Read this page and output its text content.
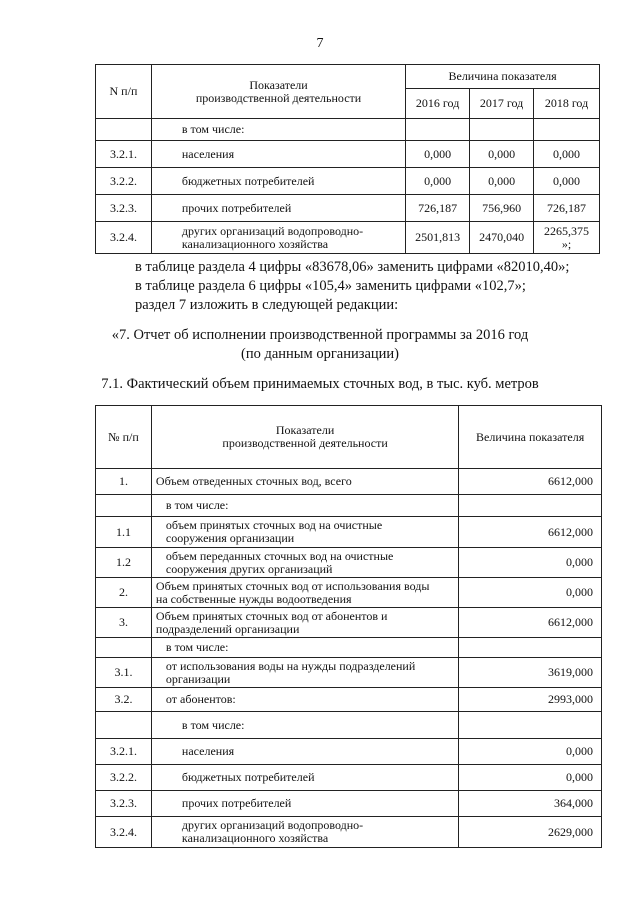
7
N п/п	Показатели
производственной деятельности	Величина показателя		
		2016 год	2017 год	2018 год
	в том числе:			
3.2.1.	населения	0,000	0,000	0,000
3.2.2.	бюджетных потребителей	0,000	0,000	0,000
3.2.3.	прочих потребителей	726,187	756,960	726,187
3.2.4.	других организаций водопроводно-
канализационного хозяйства	2501,813	2470,040	2265,375
»;
в таблице раздела 4 цифры «83678,06» заменить цифрами «82010,40»;
в таблице раздела 6 цифры «105,4» заменить цифрами «102,7»;
раздел 7 изложить в следующей редакции:
«7. Отчет об исполнении производственной программы за 2016 год
(по данным организации)
7.1. Фактический объем принимаемых сточных вод, в тыс. куб. метров
№ п/п	Показатели
производственной деятельности	Величина показателя
1.	Объем отведенных сточных вод, всего	6612,000
	в том числе:	
1.1	объем принятых сточных вод на очистные
сооружения организации	6612,000
1.2	объем переданных сточных вод на очистные
сооружения других организаций	0,000
2.	Объем принятых сточных вод от использования воды
на собственные нужды водоотведения	0,000
3.	Объем принятых сточных вод от абонентов и
подразделений организации	6612,000
	в том числе:	
3.1.	от использования воды на нужды подразделений
организации	3619,000
3.2.	от абонентов:	2993,000
	в том числе:	
3.2.1.	населения	0,000
3.2.2.	бюджетных потребителей	0,000
3.2.3.	прочих потребителей	364,000
3.2.4.	других организаций водопроводно-
канализационного хозяйства	2629,000
